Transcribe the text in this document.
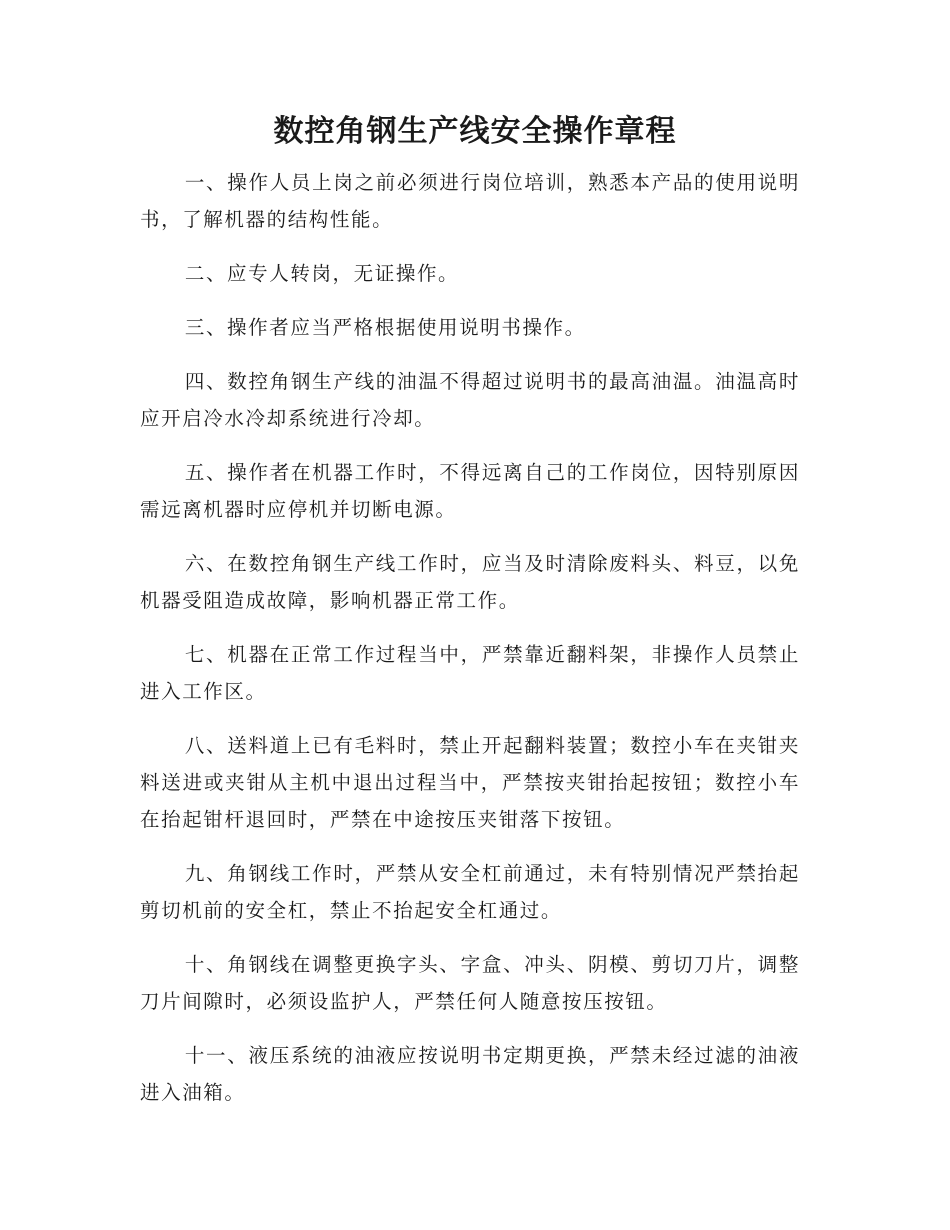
数控角钢生产线安全操作章程

一、操作人员上岗之前必须进行岗位培训，熟悉本产品的使用说明书，了解机器的结构性能。

二、应专人转岗，无证操作。

三、操作者应当严格根据使用说明书操作。

四、数控角钢生产线的油温不得超过说明书的最高油温。油温高时应开启冷水冷却系统进行冷却。

五、操作者在机器工作时，不得远离自己的工作岗位，因特别原因需远离机器时应停机并切断电源。

六、在数控角钢生产线工作时，应当及时清除废料头、料豆，以免机器受阻造成故障，影响机器正常工作。

七、机器在正常工作过程当中，严禁靠近翻料架，非操作人员禁止进入工作区。

八、送料道上已有毛料时，禁止开起翻料装置；数控小车在夹钳夹料送进或夹钳从主机中退出过程当中，严禁按夹钳抬起按钮；数控小车在抬起钳杆退回时，严禁在中途按压夹钳落下按钮。

九、角钢线工作时，严禁从安全杠前通过，未有特别情况严禁抬起剪切机前的安全杠，禁止不抬起安全杠通过。

十、角钢线在调整更换字头、字盒、冲头、阴模、剪切刀片，调整刀片间隙时，必须设监护人，严禁任何人随意按压按钮。

十一、液压系统的油液应按说明书定期更换，严禁未经过滤的油液进入油箱。
